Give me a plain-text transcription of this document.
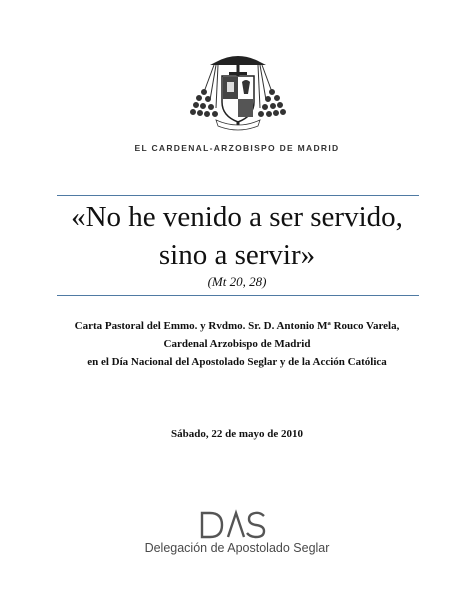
EL CARDENAL-ARZOBISPO DE MADRID
«No he venido a ser servido,
sino a servir»
(Mt 20, 28)
Carta Pastoral del Emmo. y Rvdmo. Sr. D. Antonio Mª Rouco Varela,
Cardenal Arzobispo de Madrid
en el Día Nacional del Apostolado Seglar y de la Acción Católica
Sábado, 22 de mayo de 2010
Delegación de Apostolado Seglar
